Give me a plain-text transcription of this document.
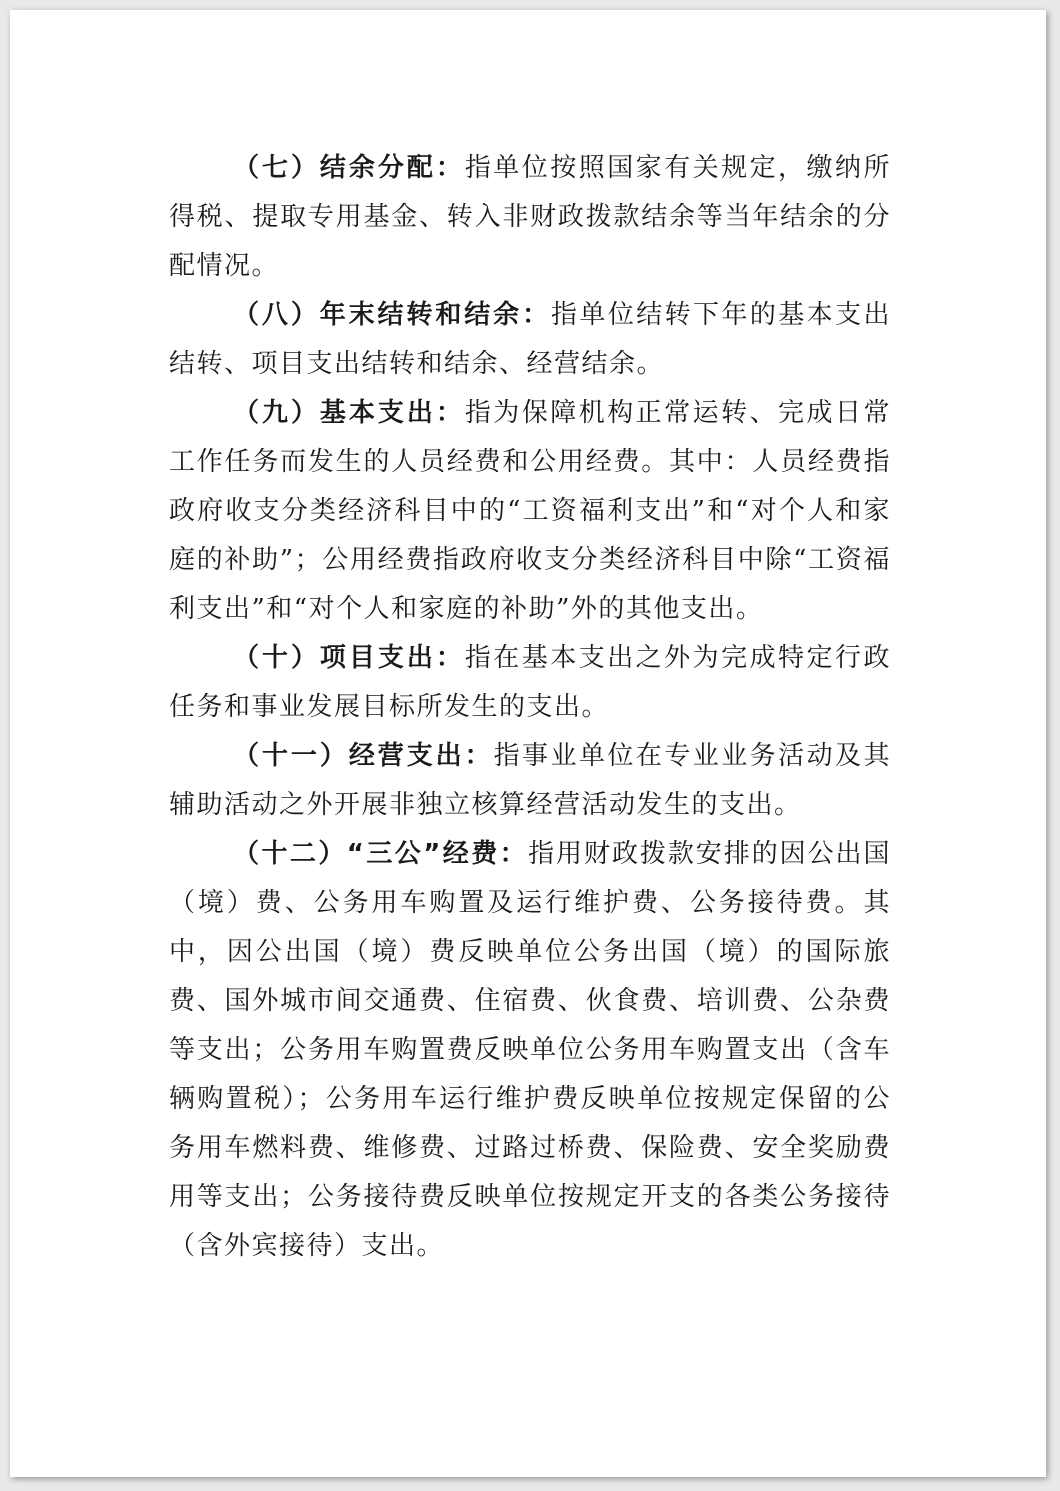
（七）结余分配：指单位按照国家有关规定，缴纳所得税、提取专用基金、转入非财政拨款结余等当年结余的分配情况。

（八）年末结转和结余：指单位结转下年的基本支出结转、项目支出结转和结余、经营结余。

（九）基本支出：指为保障机构正常运转、完成日常工作任务而发生的人员经费和公用经费。其中：人员经费指政府收支分类经济科目中的“工资福利支出”和“对个人和家庭的补助”；公用经费指政府收支分类经济科目中除“工资福利支出”和“对个人和家庭的补助”外的其他支出。

（十）项目支出：指在基本支出之外为完成特定行政任务和事业发展目标所发生的支出。

（十一）经营支出：指事业单位在专业业务活动及其辅助活动之外开展非独立核算经营活动发生的支出。

（十二）“三公”经费：指用财政拨款安排的因公出国（境）费、公务用车购置及运行维护费、公务接待费。其中，因公出国（境）费反映单位公务出国（境）的国际旅费、国外城市间交通费、住宿费、伙食费、培训费、公杂费等支出；公务用车购置费反映单位公务用车购置支出（含车辆购置税）；公务用车运行维护费反映单位按规定保留的公务用车燃料费、维修费、过路过桥费、保险费、安全奖励费用等支出；公务接待费反映单位按规定开支的各类公务接待（含外宾接待）支出。
